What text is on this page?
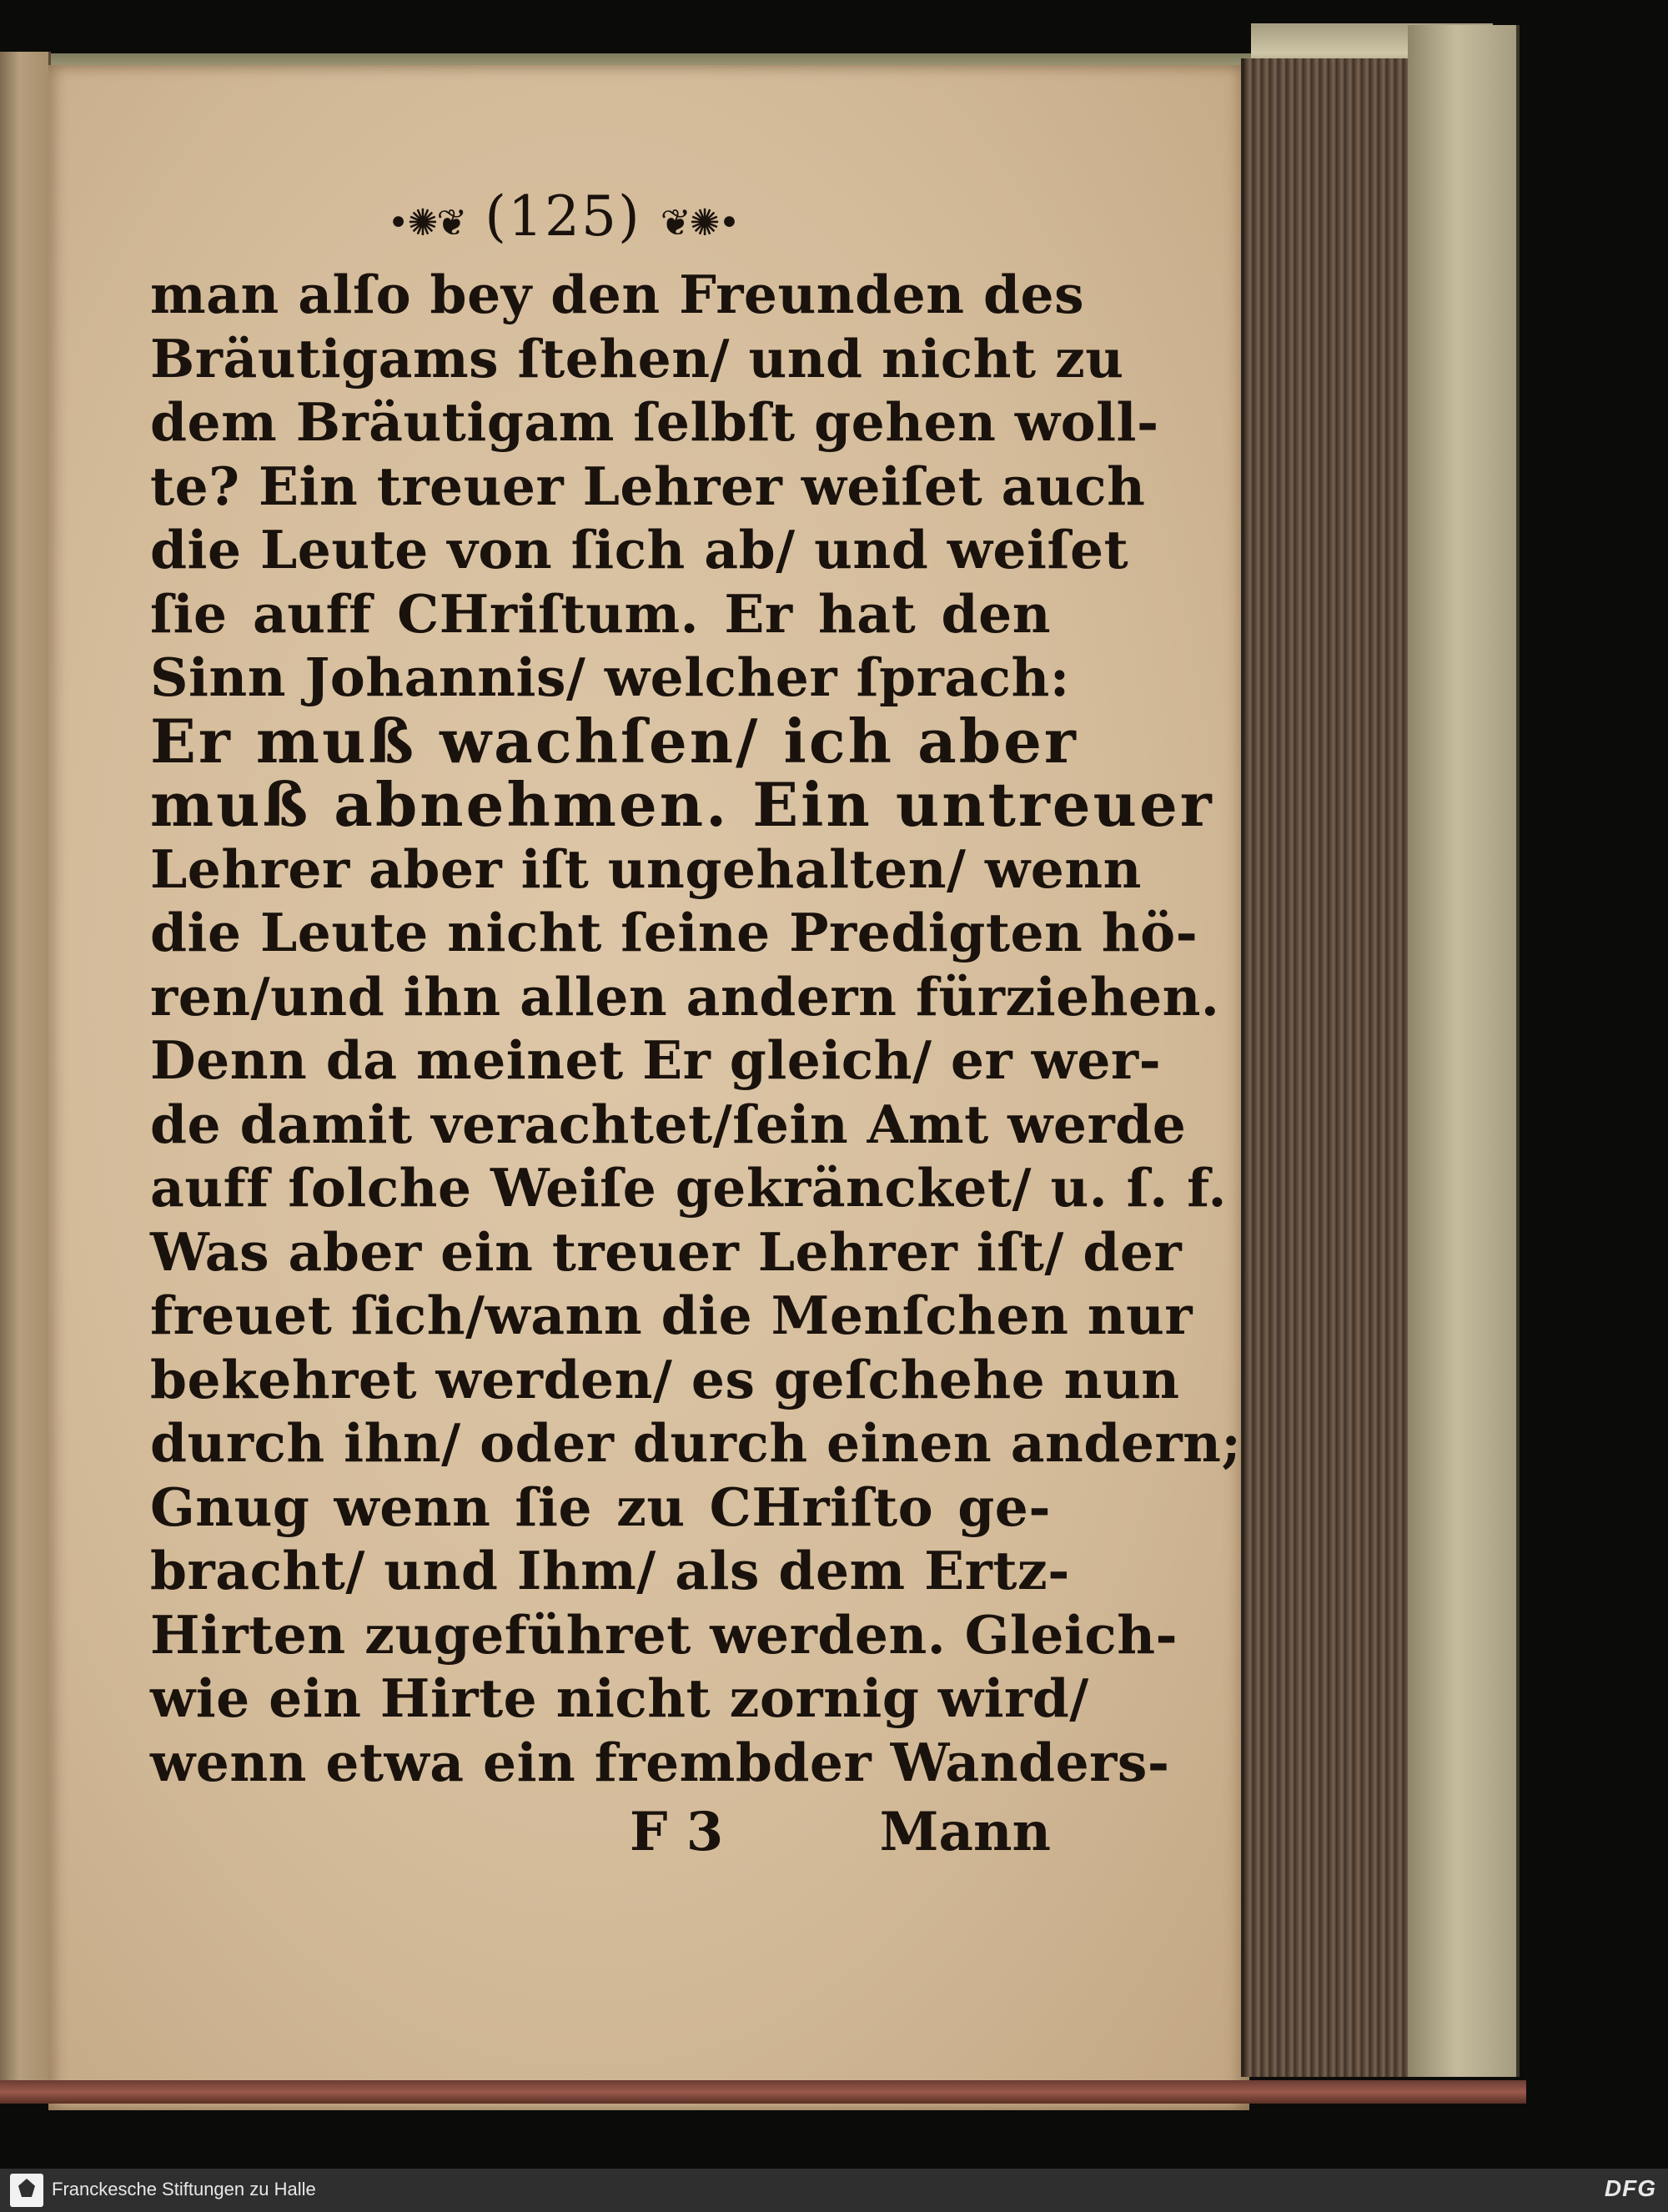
•✺❦ (125) ❦✺•
man alſo bey den Freunden des
Bräutigams ſtehen/ und nicht zu
dem Bräutigam ſelbſt gehen woll-
te? Ein treuer Lehrer weiſet auch
die Leute von ſich ab/ und weiſet
ſie auff CHriſtum. Er hat den
Sinn Johannis/ welcher ſprach:
Er muß wachſen/ ich aber
muß abnehmen. Ein untreuer
Lehrer aber iſt ungehalten/ wenn
die Leute nicht ſeine Predigten hö-
ren/und ihn allen andern fürziehen.
Denn da meinet Er gleich/ er wer-
de damit verachtet/ſein Amt werde
auff ſolche Weiſe gekräncket/ u. ſ. f.
Was aber ein treuer Lehrer iſt/ der
freuet ſich/wann die Menſchen nur
bekehret werden/ es geſchehe nun
durch ihn/ oder durch einen andern;
Gnug wenn ſie zu CHriſto ge-
bracht/ und Ihm/ als dem Ertz-
Hirten zugeführet werden. Gleich-
wie ein Hirte nicht zornig wird/
wenn etwa ein frembder Wanders-
F 3	Mann
Franckesche Stiftungen zu Halle	DFG
